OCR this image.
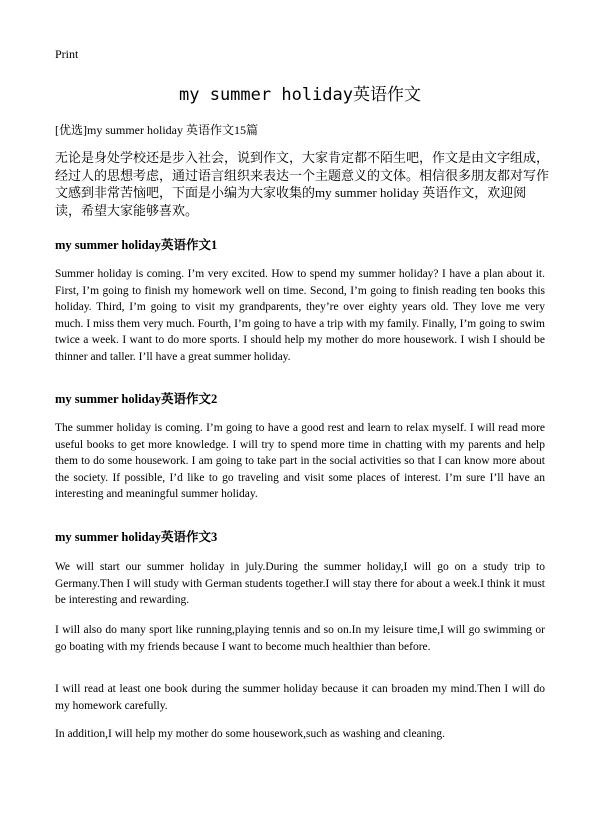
Print
my summer holiday英语作文
[优选]my summer holiday 英语作文15篇
无论是身处学校还是步入社会，说到作文，大家肯定都不陌生吧，作文是由文字组成，经过人的思想考虑，通过语言组织来表达一个主题意义的文体。相信很多朋友都对写作文感到非常苦恼吧，下面是小编为大家收集的my summer holiday 英语作文，欢迎阅读，希望大家能够喜欢。
my summer holiday英语作文1
Summer holiday is coming. I’m very excited. How to spend my summer holiday? I have a plan about it. First, I’m going to finish my homework well on time. Second, I’m going to finish reading ten books this holiday. Third, I’m going to visit my grandparents, they’re over eighty years old. They love me very much. I miss them very much. Fourth, I’m going to have a trip with my family. Finally, I’m going to swim twice a week. I want to do more sports. I should help my mother do more housework. I wish I should be thinner and taller. I’ll have a great summer holiday.
my summer holiday英语作文2
The summer holiday is coming. I’m going to have a good rest and learn to relax myself. I will read more useful books to get more knowledge. I will try to spend more time in chatting with my parents and help them to do some housework. I am going to take part in the social activities so that I can know more about the society. If possible, I’d like to go traveling and visit some places of interest. I’m sure I’ll have an interesting and meaningful summer holiday.
my summer holiday英语作文3
We will start our summer holiday in july.During the summer holiday,I will go on a study trip to Germany.Then I will study with German students together.I will stay there for about a week.I think it must be interesting and rewarding.
I will also do many sport like running,playing tennis and so on.In my leisure time,I will go swimming or go boating with my friends because I want to become much healthier than before.
I will read at least one book during the summer holiday because it can broaden my mind.Then I will do my homework carefully.
In addition,I will help my mother do some housework,such as washing and cleaning.
